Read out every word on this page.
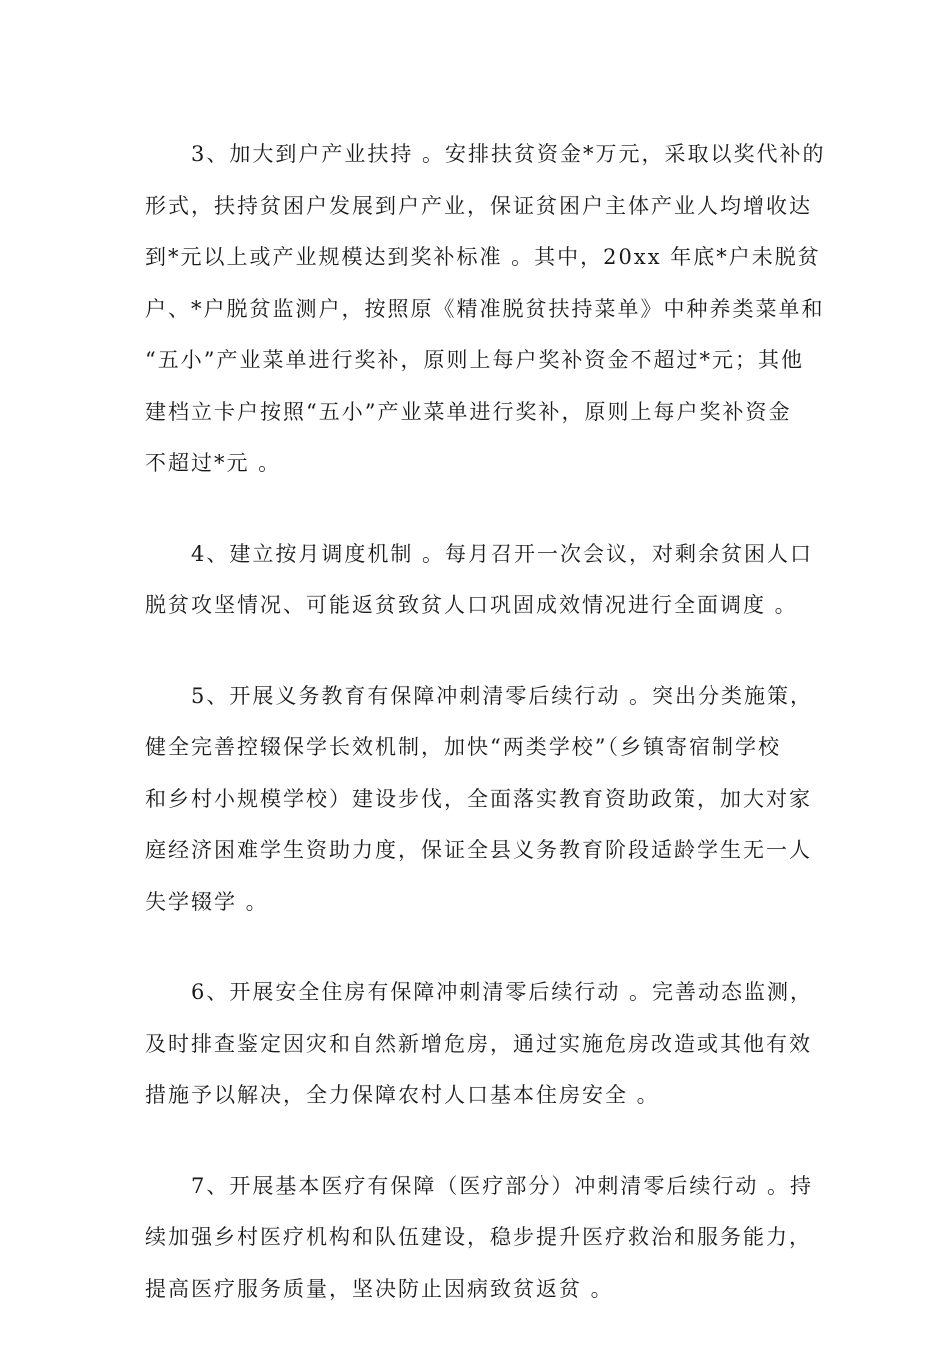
3、加大到户产业扶持 。安排扶贫资金*万元，采取以奖代补的
形式，扶持贫困户发展到户产业，保证贫困户主体产业人均增收达
到*元以上或产业规模达到奖补标准 。其中，20xx 年底*户未脱贫
户、*户脱贫监测户，按照原《精准脱贫扶持菜单》中种养类菜单和
“五小”产业菜单进行奖补，原则上每户奖补资金不超过*元；其他
建档立卡户按照“五小”产业菜单进行奖补，原则上每户奖补资金
不超过*元 。
4、建立按月调度机制 。每月召开一次会议，对剩余贫困人口
脱贫攻坚情况、可能返贫致贫人口巩固成效情况进行全面调度 。
5、开展义务教育有保障冲刺清零后续行动 。突出分类施策，
健全完善控辍保学长效机制，加快“两类学校”（乡镇寄宿制学校
和乡村小规模学校）建设步伐，全面落实教育资助政策，加大对家
庭经济困难学生资助力度，保证全县义务教育阶段适龄学生无一人
失学辍学 。
6、开展安全住房有保障冲刺清零后续行动 。完善动态监测，
及时排查鉴定因灾和自然新增危房，通过实施危房改造或其他有效
措施予以解决，全力保障农村人口基本住房安全 。
7、开展基本医疗有保障（医疗部分）冲刺清零后续行动 。持
续加强乡村医疗机构和队伍建设，稳步提升医疗救治和服务能力，
提高医疗服务质量，坚决防止因病致贫返贫 。
